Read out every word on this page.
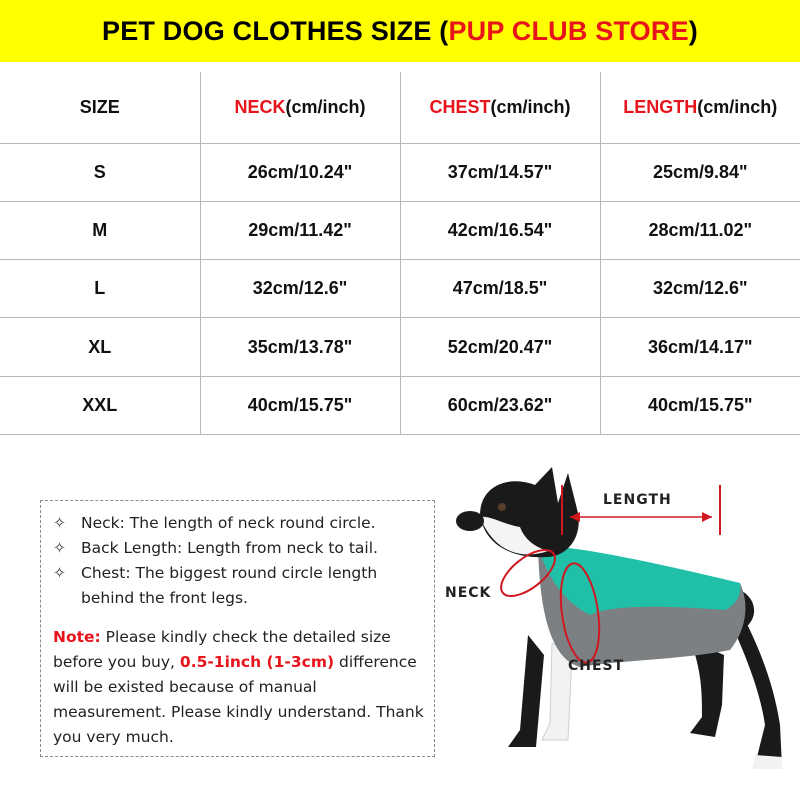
PET DOG CLOTHES SIZE ( PUP CLUB STORE )
SIZE	NECK(cm/inch)	CHEST(cm/inch)	LENGTH(cm/inch)
S	26cm/10.24"	37cm/14.57"	25cm/9.84"
M	29cm/11.42"	42cm/16.54"	28cm/11.02"
L	32cm/12.6"	47cm/18.5"	32cm/12.6"
XL	35cm/13.78"	52cm/20.47"	36cm/14.17"
XXL	40cm/15.75"	60cm/23.62"	40cm/15.75"
✧ Neck: The length of neck round circle.
✧ Back Length: Length from neck to tail.
✧ Chest: The biggest round circle length behind the front legs.
Note: Please kindly check the detailed size before you buy, 0.5-1inch (1-3cm) difference will be existed because of manual measurement. Please kindly understand. Thank you very much.
LENGTH
NECK
CHEST
